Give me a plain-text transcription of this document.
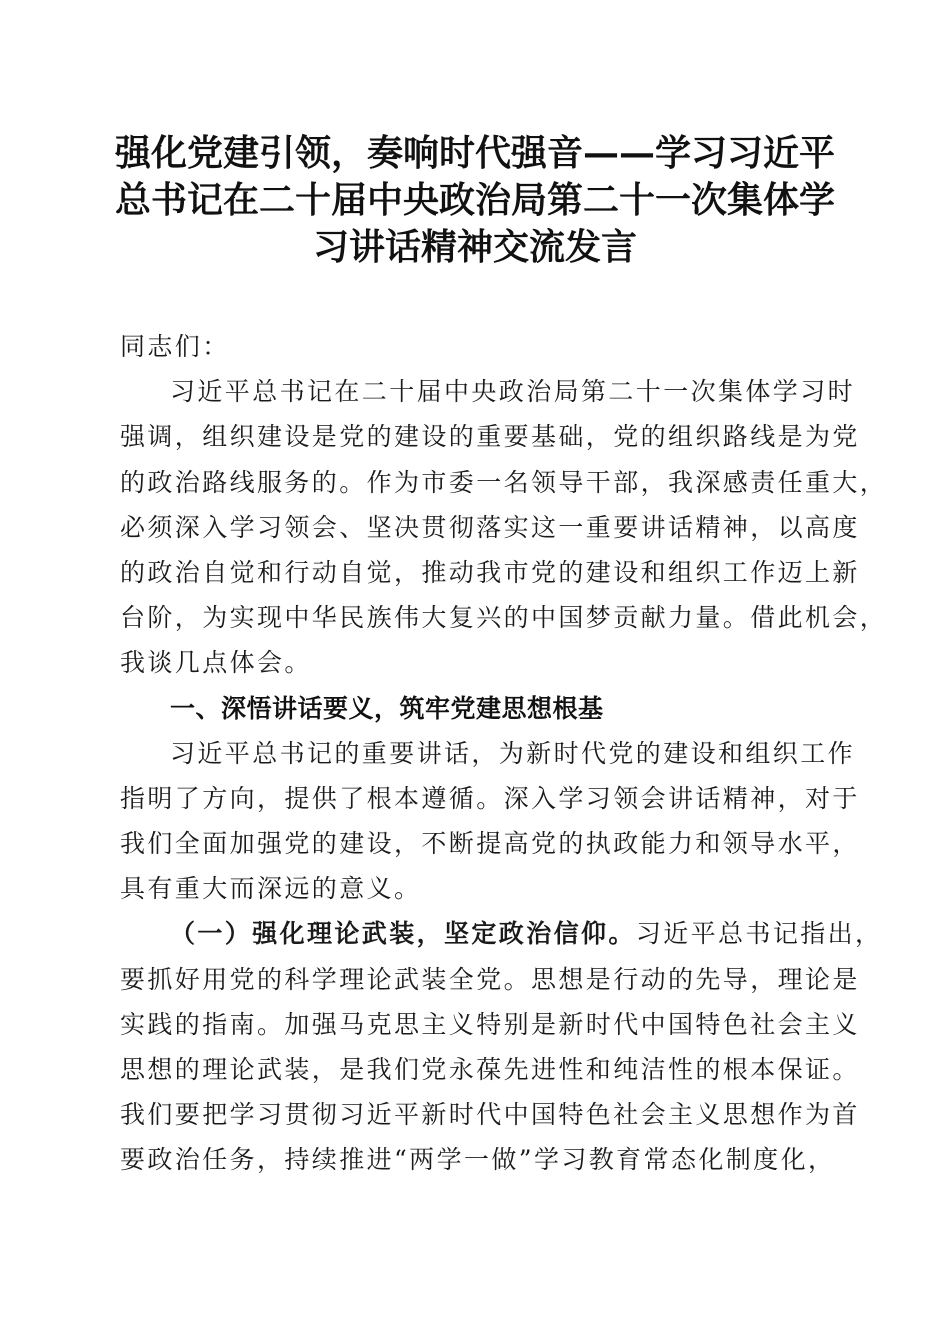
强化党建引领，奏响时代强音——学习习近平
总书记在二十届中央政治局第二十一次集体学
习讲话精神交流发言
同志们：
习近平总书记在二十届中央政治局第二十一次集体学习时
强调，组织建设是党的建设的重要基础，党的组织路线是为党
的政治路线服务的。作为市委一名领导干部，我深感责任重大，
必须深入学习领会、坚决贯彻落实这一重要讲话精神，以高度
的政治自觉和行动自觉，推动我市党的建设和组织工作迈上新
台阶，为实现中华民族伟大复兴的中国梦贡献力量。借此机会，
我谈几点体会。
一、深悟讲话要义，筑牢党建思想根基
习近平总书记的重要讲话，为新时代党的建设和组织工作
指明了方向，提供了根本遵循。深入学习领会讲话精神，对于
我们全面加强党的建设，不断提高党的执政能力和领导水平，
具有重大而深远的意义。
（一）强化理论武装，坚定政治信仰。习近平总书记指出，
要抓好用党的科学理论武装全党。思想是行动的先导，理论是
实践的指南。加强马克思主义特别是新时代中国特色社会主义
思想的理论武装，是我们党永葆先进性和纯洁性的根本保证。
我们要把学习贯彻习近平新时代中国特色社会主义思想作为首
要政治任务，持续推进“两学一做”学习教育常态化制度化，
